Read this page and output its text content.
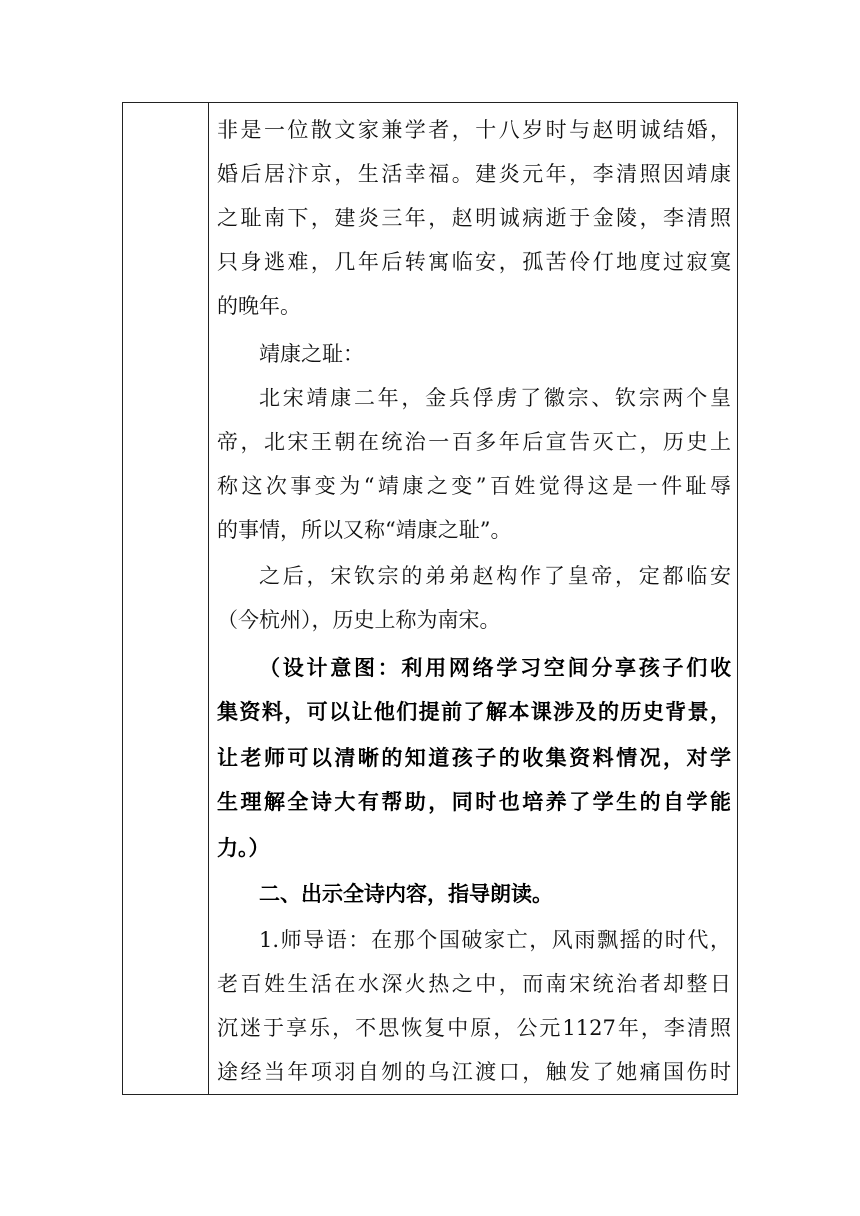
非是一位散文家兼学者，十八岁时与赵明诚结婚，
婚后居汴京，生活幸福。建炎元年，李清照因靖康
之耻南下，建炎三年，赵明诚病逝于金陵，李清照
只身逃难，几年后转寓临安，孤苦伶仃地度过寂寞
的晚年。
靖康之耻：
北宋靖康二年，金兵俘虏了徽宗、钦宗两个皇
帝，北宋王朝在统治一百多年后宣告灭亡，历史上
称这次事变为“靖康之变”百姓觉得这是一件耻辱
的事情，所以又称“靖康之耻”。
之后，宋钦宗的弟弟赵构作了皇帝，定都临安
（今杭州），历史上称为南宋。
（设计意图：利用网络学习空间分享孩子们收
集资料，可以让他们提前了解本课涉及的历史背景，
让老师可以清晰的知道孩子的收集资料情况，对学
生理解全诗大有帮助，同时也培养了学生的自学能
力。）
二、出示全诗内容，指导朗读。
1.师导语：在那个国破家亡，风雨飘摇的时代，
老百姓生活在水深火热之中，而南宋统治者却整日
沉迷于享乐，不思恢复中原，公元1127年，李清照
途经当年项羽自刎的乌江渡口，触发了她痛国伤时
